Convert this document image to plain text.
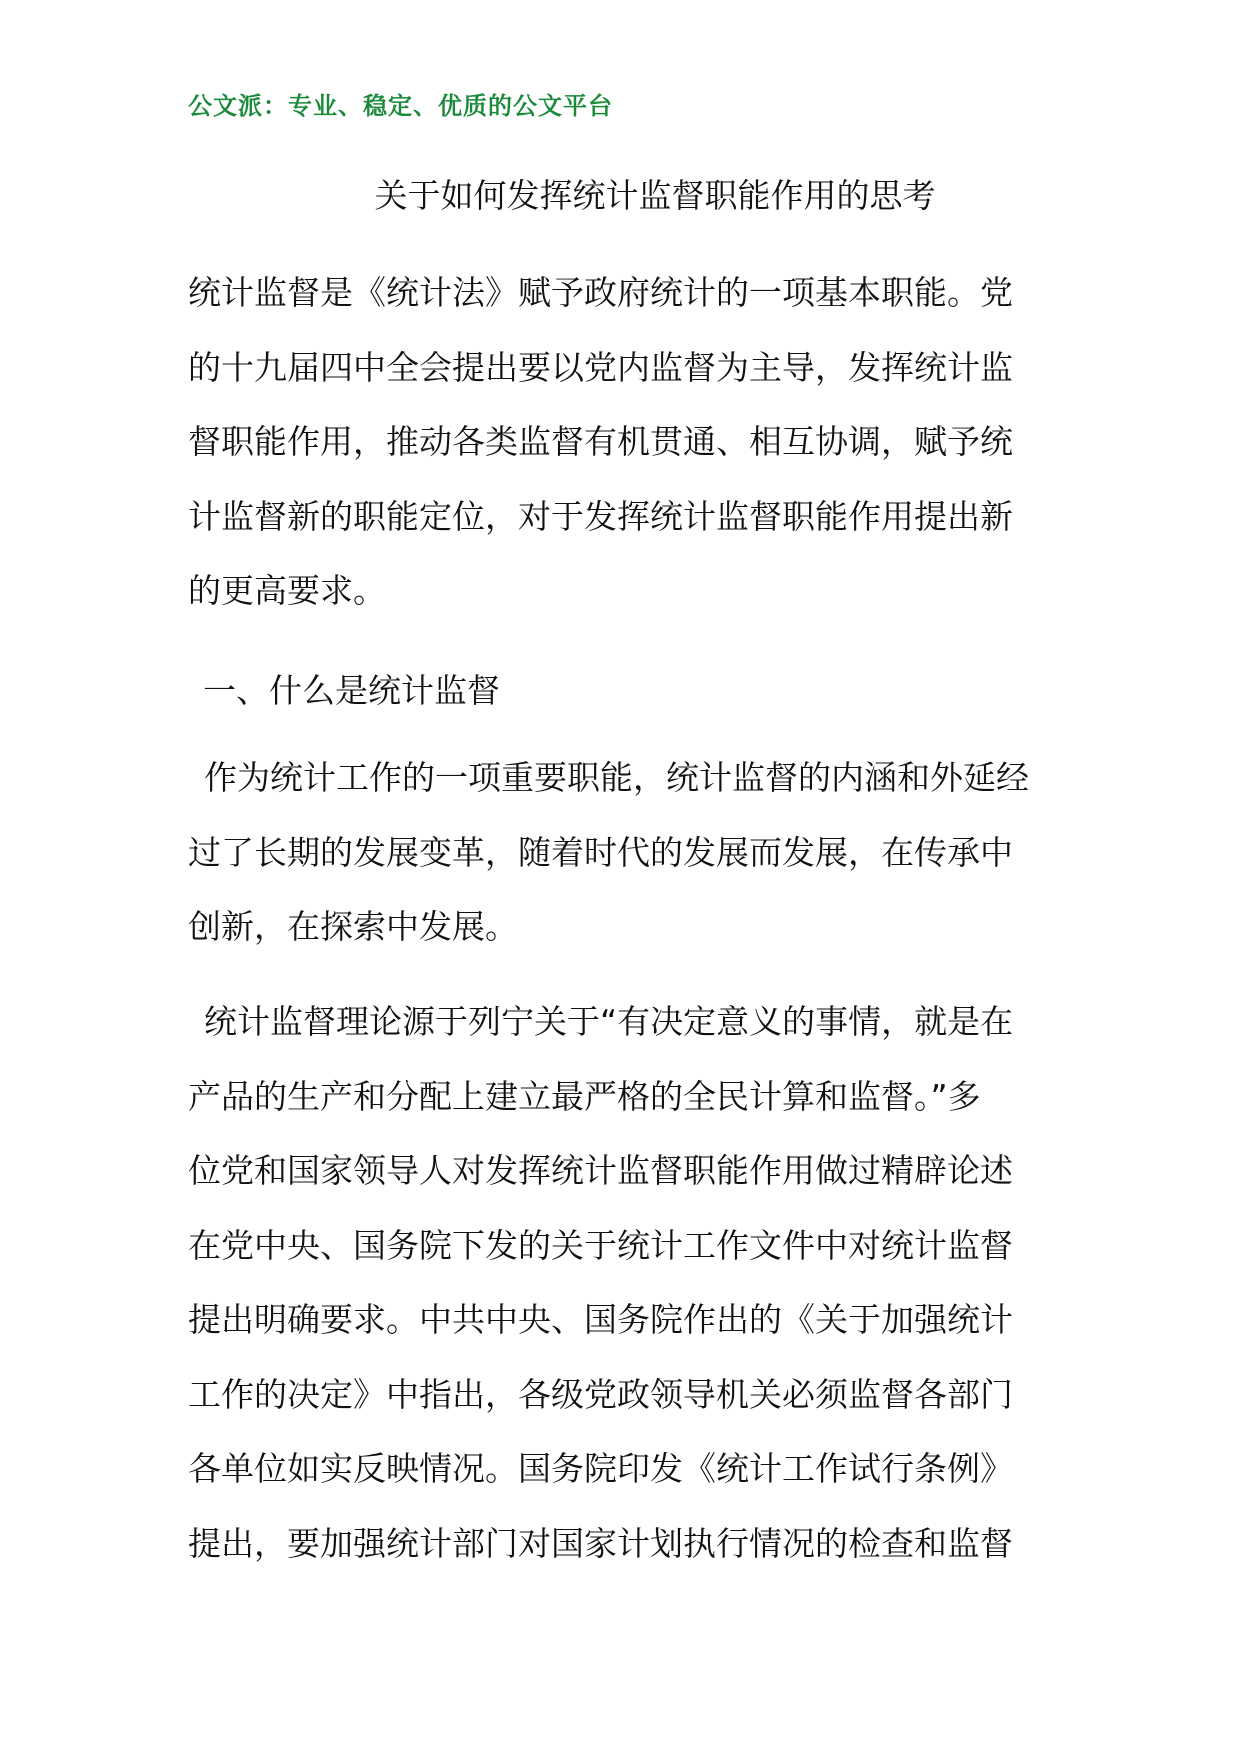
公文派：专业、稳定、优质的公文平台
关于如何发挥统计监督职能作用的思考
统计监督是《统计法》赋予政府统计的一项基本职能。党
的十九届四中全会提出要以党内监督为主导，发挥统计监
督职能作用，推动各类监督有机贯通、相互协调，赋予统
计监督新的职能定位，对于发挥统计监督职能作用提出新
的更高要求。
一、什么是统计监督
作为统计工作的一项重要职能，统计监督的内涵和外延经
过了长期的发展变革，随着时代的发展而发展，在传承中
创新，在探索中发展。
统计监督理论源于列宁关于“有决定意义的事情，就是在
产品的生产和分配上建立最严格的全民计算和监督。”多
位党和国家领导人对发挥统计监督职能作用做过精辟论述
在党中央、国务院下发的关于统计工作文件中对统计监督
提出明确要求。中共中央、国务院作出的《关于加强统计
工作的决定》中指出，各级党政领导机关必须监督各部门
各单位如实反映情况。国务院印发《统计工作试行条例》
提出，要加强统计部门对国家计划执行情况的检查和监督
